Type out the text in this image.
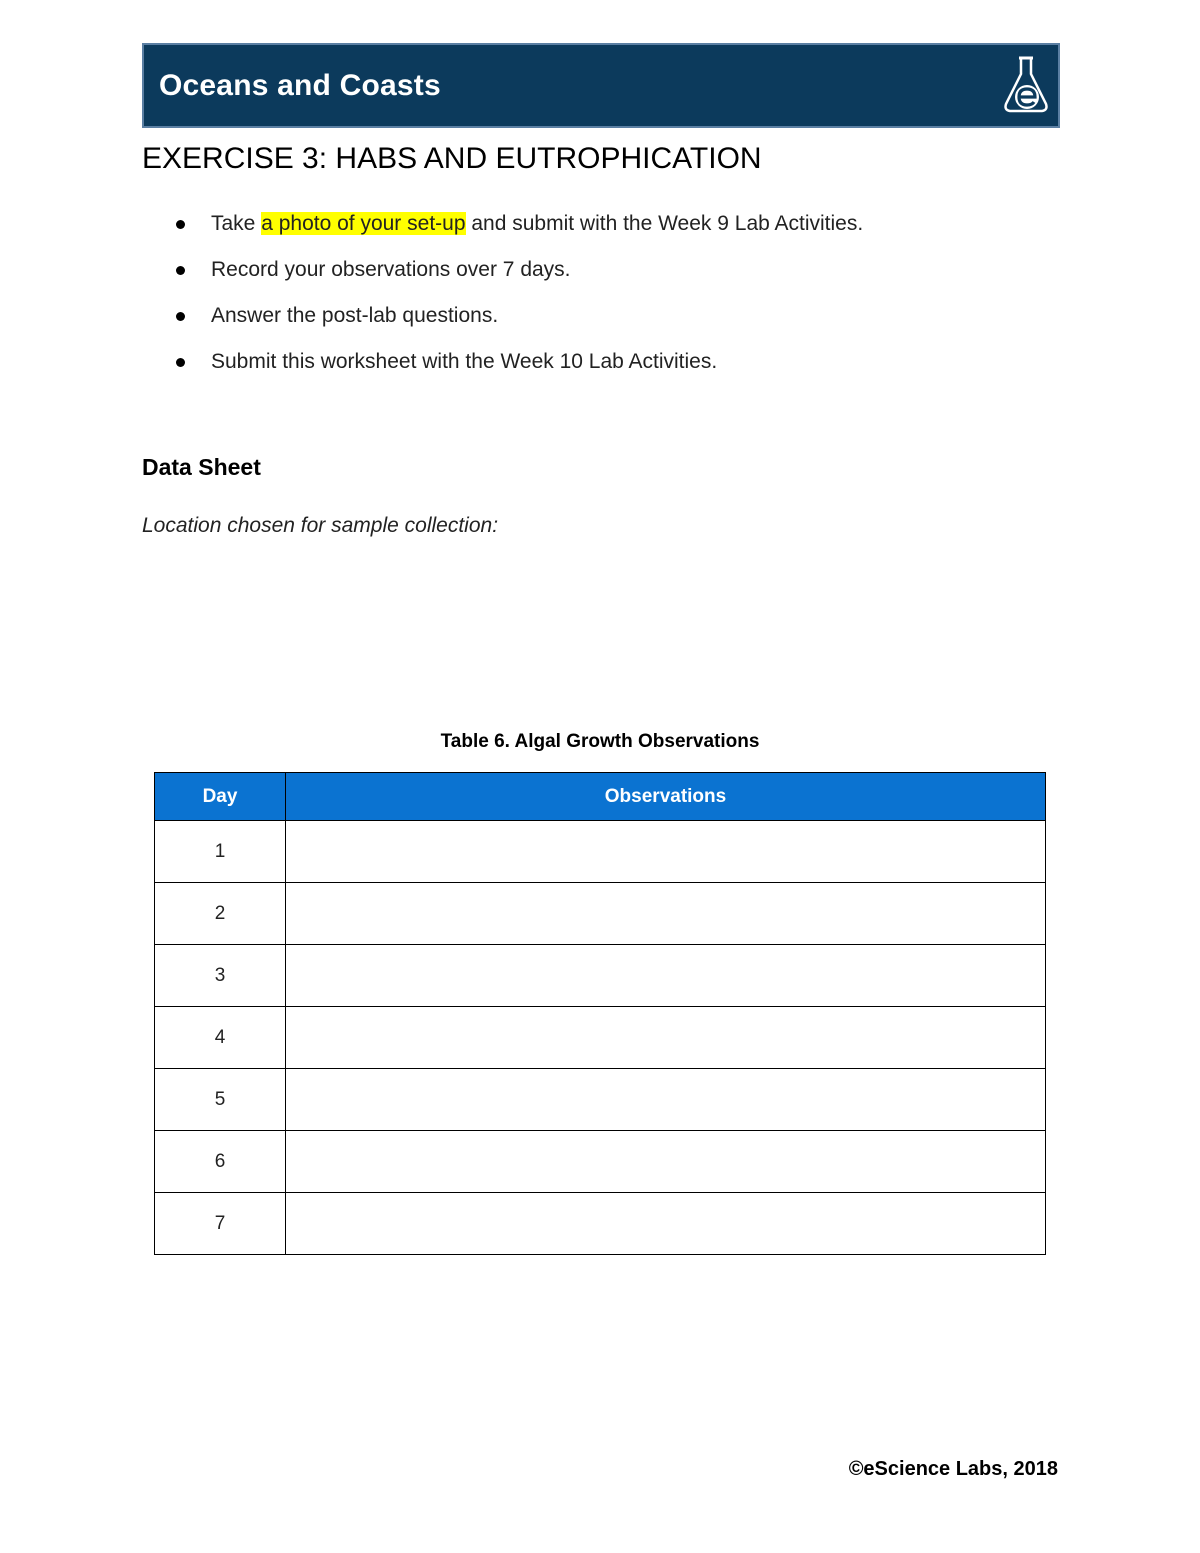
Oceans and Coasts
EXERCISE 3: HABS AND EUTROPHICATION
Take a photo of your set-up and submit with the Week 9 Lab Activities.
Record your observations over 7 days.
Answer the post-lab questions.
Submit this worksheet with the Week 10 Lab Activities.
Data Sheet
Location chosen for sample collection:
Table 6. Algal Growth Observations
Day	Observations
1	
2	
3	
4	
5	
6	
7	
©eScience Labs, 2018
